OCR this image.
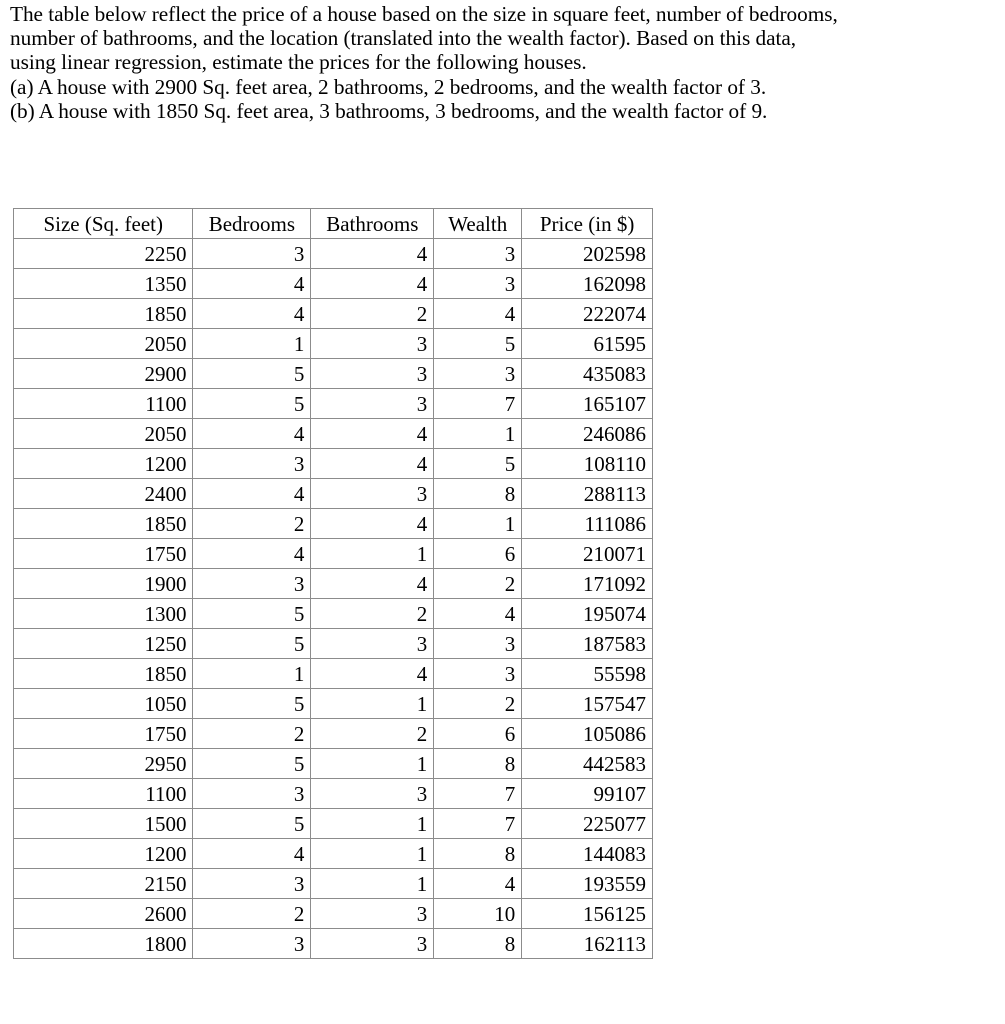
The table below reflect the price of a house based on the size in square feet, number of bedrooms,

number of bathrooms, and the location (translated into the wealth factor). Based on this data,

using linear regression, estimate the prices for the following houses.

(a) A house with 2900 Sq. feet area, 2 bathrooms, 2 bedrooms, and the wealth factor of 3.

(b) A house with 1850 Sq. feet area, 3 bathrooms, 3 bedrooms, and the wealth factor of 9.

Size (Sq. feet)	Bedrooms	Bathrooms	Wealth	Price (in $)
2250	3	4	3	202598
1350	4	4	3	162098
1850	4	2	4	222074
2050	1	3	5	61595
2900	5	3	3	435083
1100	5	3	7	165107
2050	4	4	1	246086
1200	3	4	5	108110
2400	4	3	8	288113
1850	2	4	1	111086
1750	4	1	6	210071
1900	3	4	2	171092
1300	5	2	4	195074
1250	5	3	3	187583
1850	1	4	3	55598
1050	5	1	2	157547
1750	2	2	6	105086
2950	5	1	8	442583
1100	3	3	7	99107
1500	5	1	7	225077
1200	4	1	8	144083
2150	3	1	4	193559
2600	2	3	10	156125
1800	3	3	8	162113
